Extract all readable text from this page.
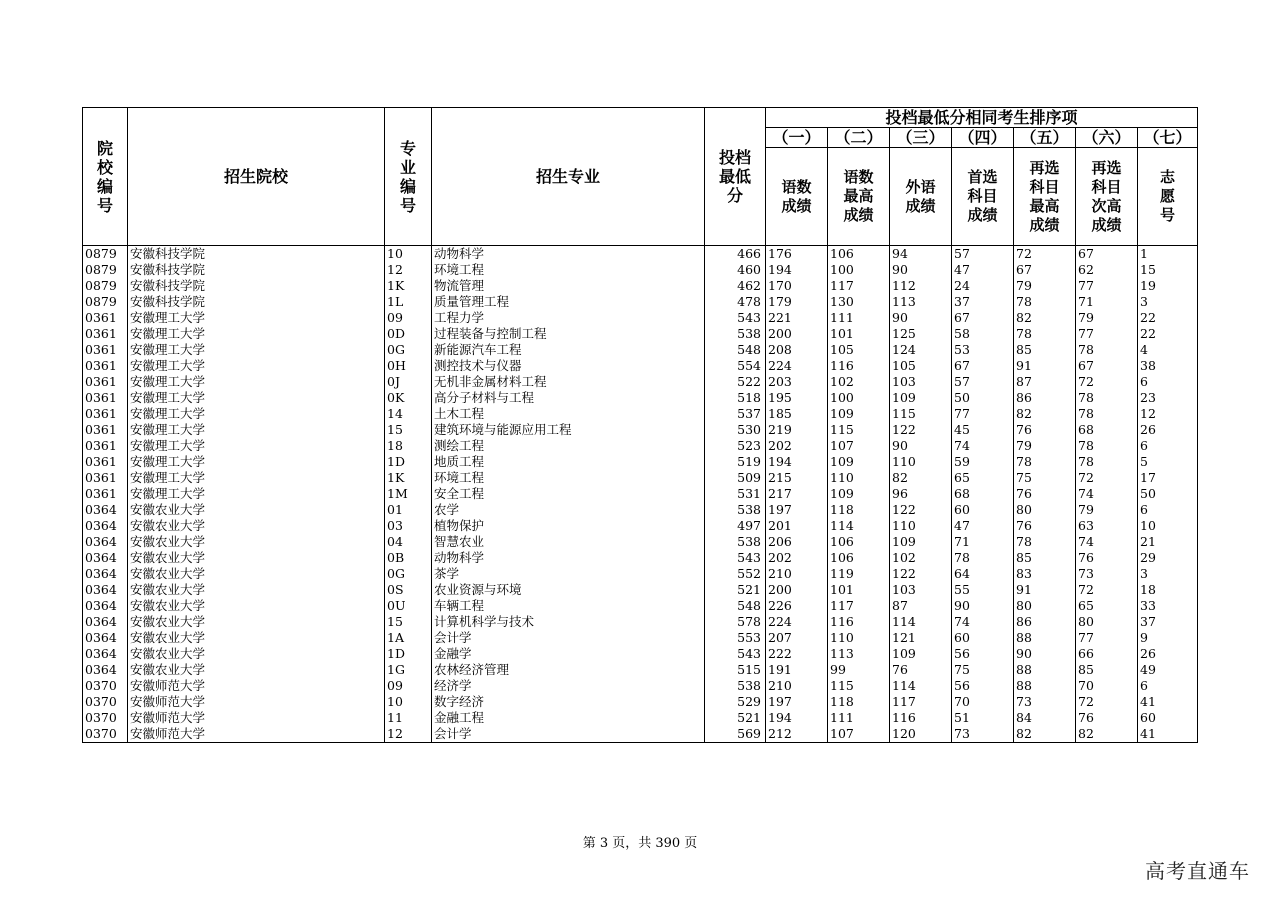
院校编号	招生院校	专业编号	招生专业	投档最低分	投档最低分相同考生排序项						
					（一）	（二）	（三）	（四）	（五）	（六）	（七）

					语数成绩	语数最高成绩	外语成绩	首选科目成绩	再选科目最高成绩	再选科目次高成绩	志愿号

0879	安徽科技学院	10	动物科学	466	176	106	94	57	72	67	1
0879	安徽科技学院	12	环境工程	460	194	100	90	47	67	62	15
0879	安徽科技学院	1K	物流管理	462	170	117	112	24	79	77	19
0879	安徽科技学院	1L	质量管理工程	478	179	130	113	37	78	71	3
0361	安徽理工大学	09	工程力学	543	221	111	90	67	82	79	22
0361	安徽理工大学	0D	过程装备与控制工程	538	200	101	125	58	78	77	22
0361	安徽理工大学	0G	新能源汽车工程	548	208	105	124	53	85	78	4
0361	安徽理工大学	0H	测控技术与仪器	554	224	116	105	67	91	67	38
0361	安徽理工大学	0J	无机非金属材料工程	522	203	102	103	57	87	72	6
0361	安徽理工大学	0K	高分子材料与工程	518	195	100	109	50	86	78	23
0361	安徽理工大学	14	土木工程	537	185	109	115	77	82	78	12
0361	安徽理工大学	15	建筑环境与能源应用工程	530	219	115	122	45	76	68	26
0361	安徽理工大学	18	测绘工程	523	202	107	90	74	79	78	6
0361	安徽理工大学	1D	地质工程	519	194	109	110	59	78	78	5
0361	安徽理工大学	1K	环境工程	509	215	110	82	65	75	72	17
0361	安徽理工大学	1M	安全工程	531	217	109	96	68	76	74	50
0364	安徽农业大学	01	农学	538	197	118	122	60	80	79	6
0364	安徽农业大学	03	植物保护	497	201	114	110	47	76	63	10
0364	安徽农业大学	04	智慧农业	538	206	106	109	71	78	74	21
0364	安徽农业大学	0B	动物科学	543	202	106	102	78	85	76	29
0364	安徽农业大学	0G	茶学	552	210	119	122	64	83	73	3
0364	安徽农业大学	0S	农业资源与环境	521	200	101	103	55	91	72	18
0364	安徽农业大学	0U	车辆工程	548	226	117	87	90	80	65	33
0364	安徽农业大学	15	计算机科学与技术	578	224	116	114	74	86	80	37
0364	安徽农业大学	1A	会计学	553	207	110	121	60	88	77	9
0364	安徽农业大学	1D	金融学	543	222	113	109	56	90	66	26
0364	安徽农业大学	1G	农林经济管理	515	191	99	76	75	88	85	49
0370	安徽师范大学	09	经济学	538	210	115	114	56	88	70	6
0370	安徽师范大学	10	数字经济	529	197	118	117	70	73	72	41
0370	安徽师范大学	11	金融工程	521	194	111	116	51	84	76	60
0370	安徽师范大学	12	会计学	569	212	107	120	73	82	82	41
第 3 页，共 390 页
高考直通车
